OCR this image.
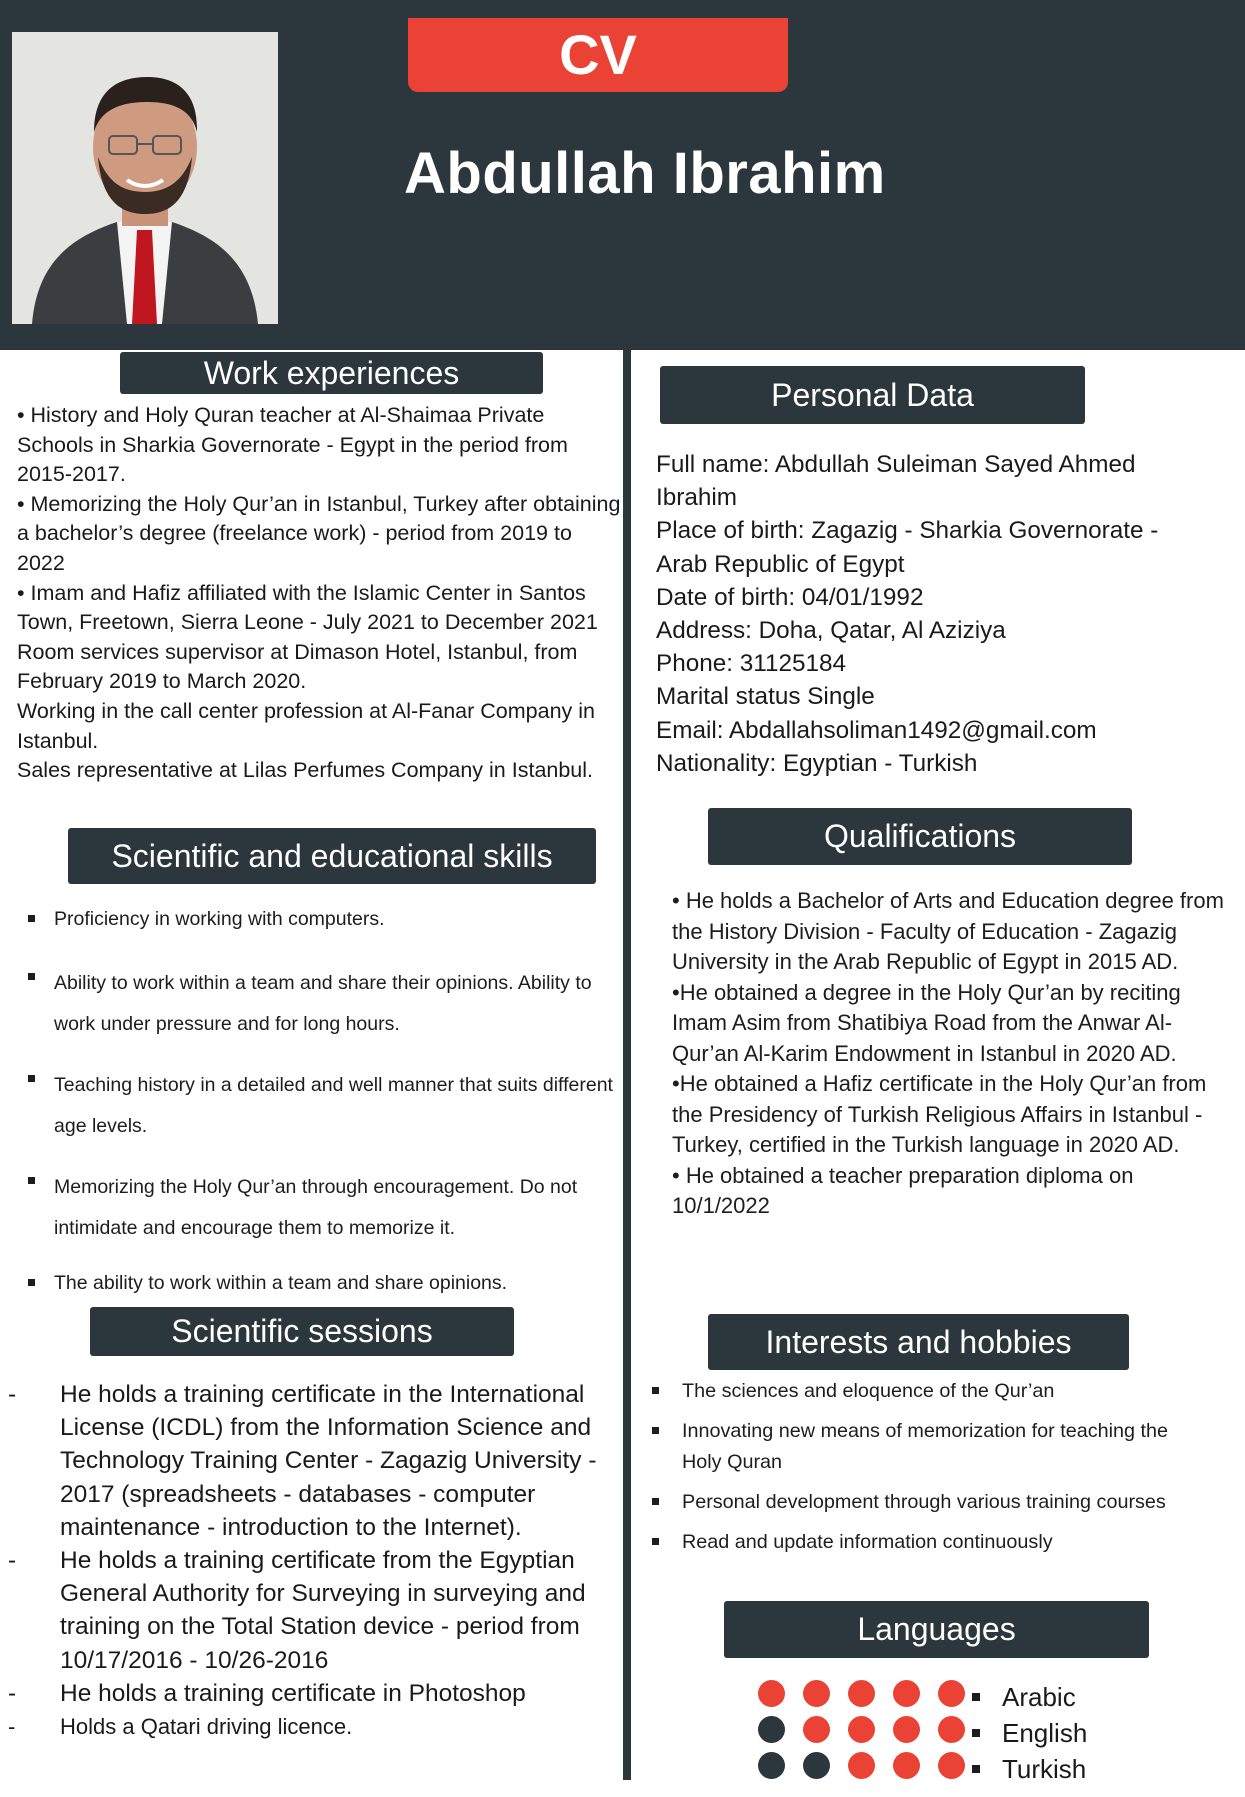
CV
Abdullah Ibrahim
Work experiences

• History and Holy Quran teacher at Al-Shaimaa Private Schools in Sharkia Governorate - Egypt in the period from 2015-2017.

• Memorizing the Holy Qur’an in Istanbul, Turkey after obtaining a bachelor’s degree (freelance work) - period from 2019 to 2022

• Imam and Hafiz affiliated with the Islamic Center in Santos Town, Freetown, Sierra Leone - July 2021 to December 2021

Room services supervisor at Dimason Hotel, Istanbul, from February 2019 to March 2020.

Working in the call center profession at Al-Fanar Company in Istanbul.

Sales representative at Lilas Perfumes Company in Istanbul.

Scientific and educational skills
Proficiency in working with computers.
Ability to work within a team and share their opinions. Ability to work under pressure and for long hours.
Teaching history in a detailed and well manner that suits different age levels.
Memorizing the Holy Qur’an through encouragement. Do not intimidate and encourage them to memorize it.
The ability to work within a team and share opinions.
Scientific sessions
- He holds a training certificate in the International License (ICDL) from the Information Science and Technology Training Center - Zagazig University - 2017 (spreadsheets - databases - computer maintenance - introduction to the Internet).
- He holds a training certificate from the Egyptian General Authority for Surveying in surveying and training on the Total Station device - period from 10/17/2016 - 10/26-2016
- He holds a training certificate in Photoshop
- Holds a Qatari driving licence.
Personal Data

Full name: Abdullah Suleiman Sayed Ahmed Ibrahim

Place of birth: Zagazig - Sharkia Governorate - Arab Republic of Egypt

Date of birth: 04/01/1992

Address: Doha, Qatar, Al Aziziya

Phone: 31125184

Marital status Single

Email: Abdallahsoliman1492@gmail.com

Nationality: Egyptian - Turkish

Qualifications

• He holds a Bachelor of Arts and Education degree from the History Division - Faculty of Education - Zagazig University in the Arab Republic of Egypt in 2015 AD.

•He obtained a degree in the Holy Qur’an by reciting Imam Asim from Shatibiya Road from the Anwar Al-Qur’an Al-Karim Endowment in Istanbul in 2020 AD.

•He obtained a Hafiz certificate in the Holy Qur’an from the Presidency of Turkish Religious Affairs in Istanbul - Turkey, certified in the Turkish language in 2020 AD.

• He obtained a teacher preparation diploma on 10/1/2022

Interests and hobbies
The sciences and eloquence of the Qur’an
Innovating new means of memorization for teaching the Holy Quran
Personal development through various training courses
Read and update information continuously
Languages
Arabic
English
Turkish
